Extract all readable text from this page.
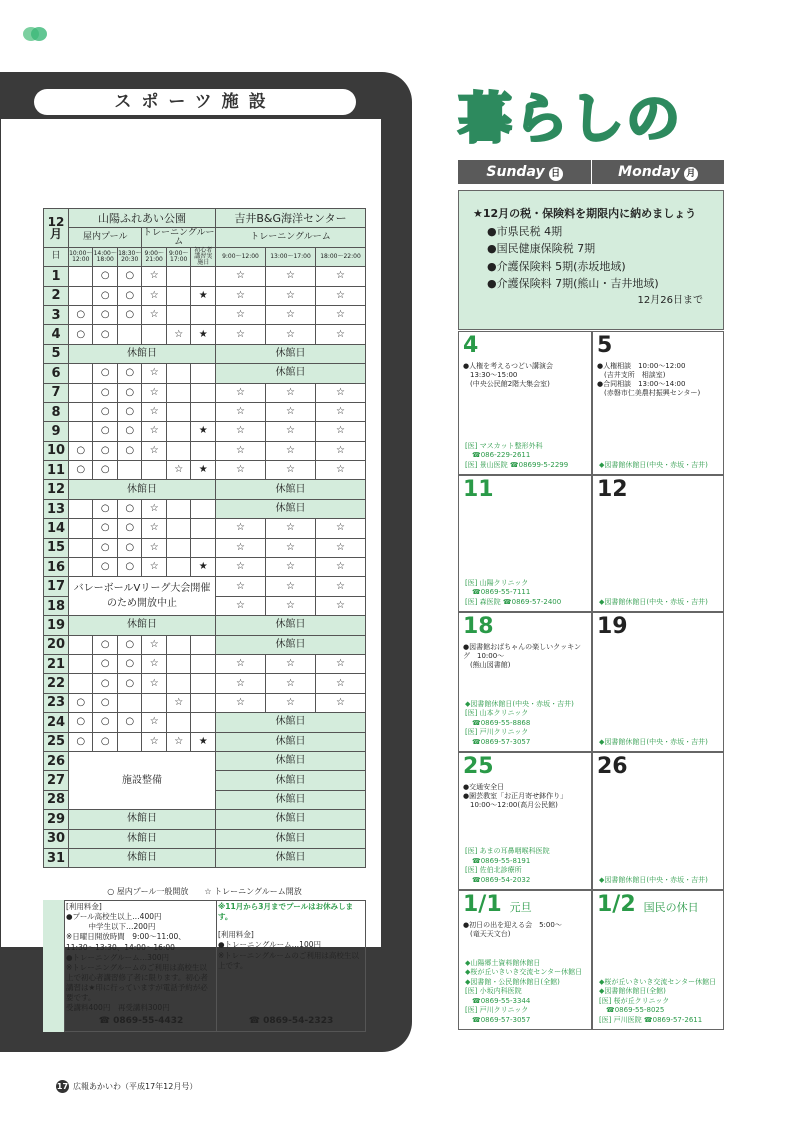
スポーツ施設
12月	山陽ふれあい公園						吉井B&G海洋センター		
	屋内プール			トレーニングルーム			トレーニングルーム		
日	10:00〜12:00	14:00〜18:00	18:30〜20:30	9:00〜21:00	9:00〜17:00	初心者講習実施日	9:00〜12:00	13:00〜17:00	18:00〜22:00
1		○	○	☆			☆	☆	☆
2		○	○	☆		★	☆	☆	☆
3	○	○	○	☆			☆	☆	☆
4	○	○			☆	★	☆	☆	☆
5	休館日						休館日		
6		○	○	☆			休館日		
7		○	○	☆			☆	☆	☆
8		○	○	☆			☆	☆	☆
9		○	○	☆		★	☆	☆	☆
10	○	○	○	☆			☆	☆	☆
11	○	○			☆	★	☆	☆	☆
12	休館日						休館日		
13		○	○	☆			休館日		
14		○	○	☆			☆	☆	☆
15		○	○	☆			☆	☆	☆
16		○	○	☆		★	☆	☆	☆
17	バレーボールVリーグ大会開催のため開放中止						☆	☆	☆
18							☆	☆	☆
19	休館日						休館日		
20		○	○	☆			休館日		
21		○	○	☆			☆	☆	☆
22		○	○	☆			☆	☆	☆
23	○	○			☆		☆	☆	☆
24	○	○	○	☆			休館日		
25	○	○		☆	☆	★	休館日		
26	施設整備						休館日		
27							休館日		
28							休館日		
29	休館日						休館日		
30	休館日						休館日		
31	休館日						休館日		
○ 屋内プール一般開放　　☆ トレーニングルーム開放
[利用料金]
●プール高校生以上…400円
　　　中学生以下…200円
※日曜日開放時間　9:00〜11:00、11:30〜13:30、14:00〜16:00
●トレーニングルーム…300円
※トレーニングルームのご利用は高校生以上で初心者講習修了者に限ります。初心者講習は★印に行っていますが電話予約が必要です。
受講料400円　再受講料300円
※11月から3月までプールはお休みします。
[利用料金]
●トレーニングルーム…100円
※トレーニングルームのご利用は高校生以上です。
☎ 0869-55-4432	☎ 0869-54-2323
暮らしの
Sunday 日	Monday 月
★12月の税・保険料を期限内に納めましょう
●市県民税 4期
●国民健康保険税 7期
●介護保険料 5期(赤坂地域)
●介護保険料 7期(熊山・吉井地域)
12月26日まで
4
●人権を考えるつどい講演会
　13:30〜15:00
　(中央公民館2階大集会室)
[医] マスカット整形外科
　☎086-229-2611
[医] 景山医院 ☎08699-5-2299
5
●人権相談　10:00〜12:00
　(吉井支所　相談室)
●合同相談　13:00〜14:00
　(赤磐市仁美農村振興センター)
◆図書館休館日(中央・赤坂・吉井)
11
[医] 山陽クリニック
　☎0869-55-7111
[医] 森医院 ☎0869-57-2400
12
◆図書館休館日(中央・赤坂・吉井)
18
●図書館おばちゃんの楽しいクッキング　10:00〜
　(熊山図書館)
◆図書館休館日(中央・赤坂・吉井)
[医] 山本クリニック
　☎0869-55-8868
[医] 戸川クリニック
　☎0869-57-3057
19
◆図書館休館日(中央・赤坂・吉井)
25
●交通安全日
●園芸教室「お正月寄せ鉢作り」
　10:00〜12:00(高月公民館)
[医] あまの耳鼻咽喉科医院
　☎0869-55-8191
[医] 佐伯北診療所
　☎0869-54-2032
26
◆図書館休館日(中央・赤坂・吉井)
1/1 元旦
●初日の出を迎える会　5:00〜
　(竜天天文台)
◆山陽郷土資料館休館日
◆桜が丘いきいき交流センター休館日
◆図書館・公民館休館日(全館)
[医] 小坂内科医院
　☎0869-55-3344
[医] 戸川クリニック
　☎0869-57-3057
1/2 国民の休日
◆桜が丘いきいき交流センター休館日
◆図書館休館日(全館)
[医] 桜が丘クリニック
　☎0869-55-8025
[医] 戸川医院 ☎0869-57-2611
17 広報あかいわ（平成17年12月号）
